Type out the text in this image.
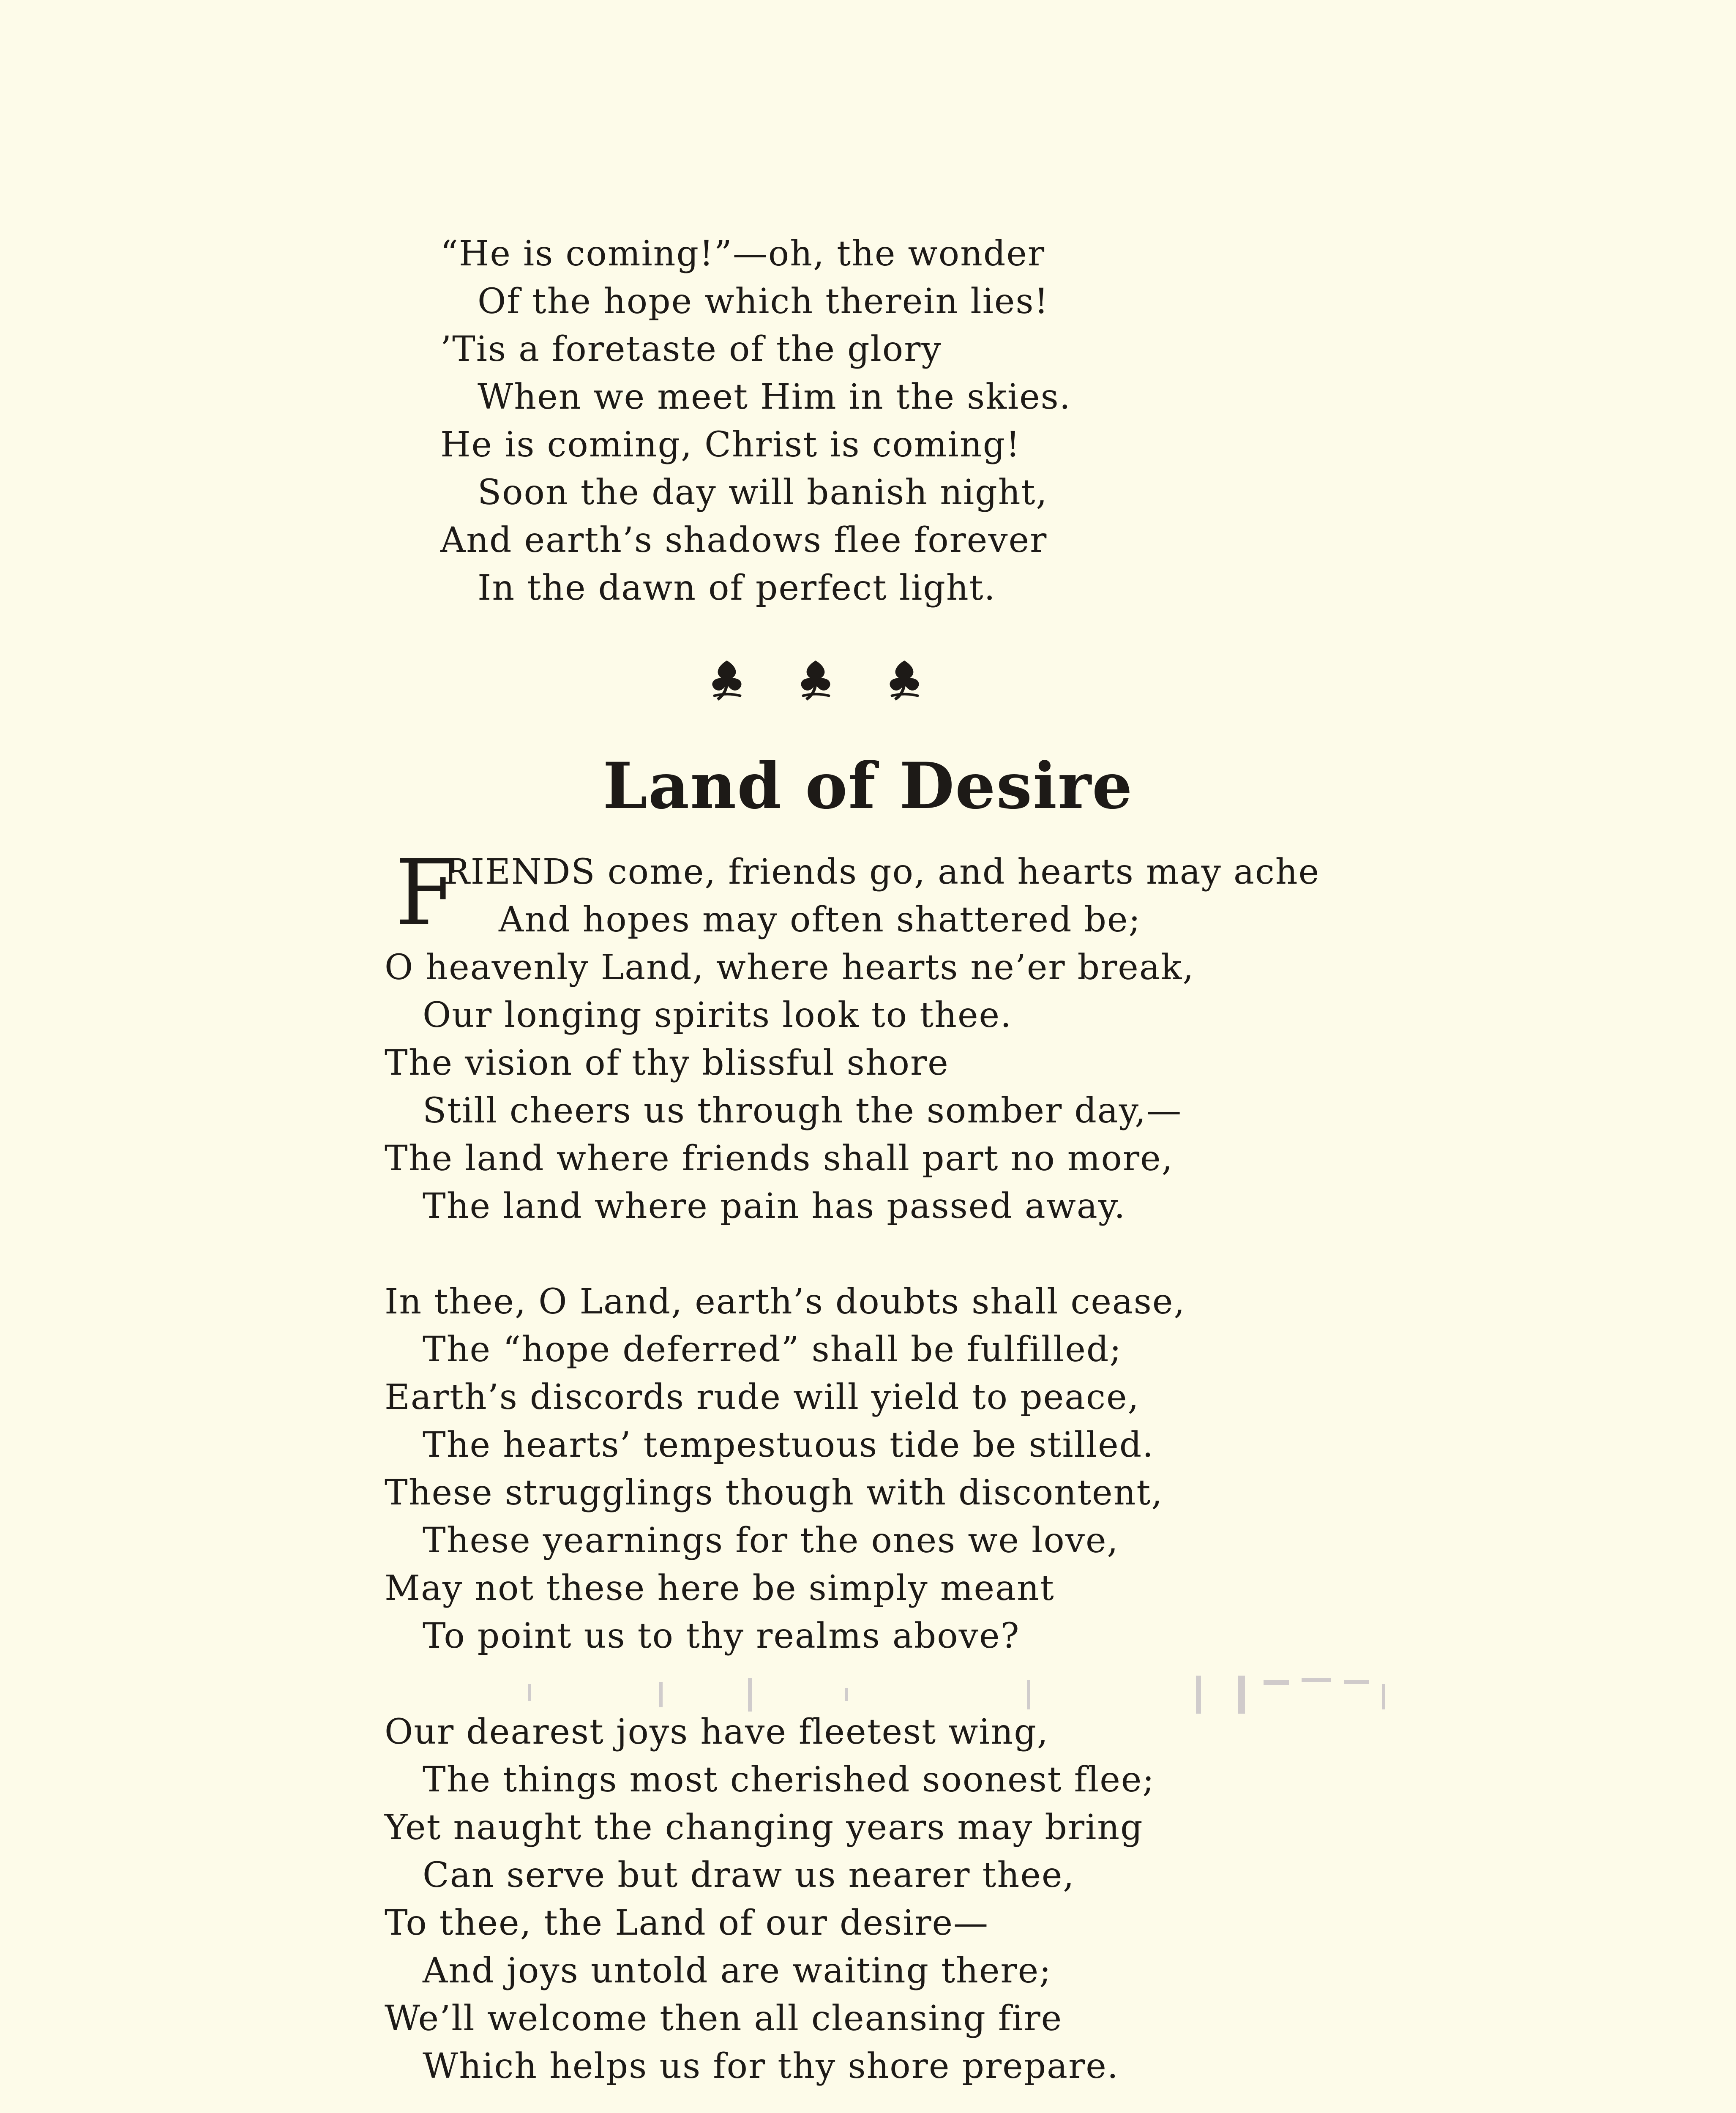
“He is coming!”—oh, the wonder
Of the hope which therein lies!
’Tis a foretaste of the glory
When we meet Him in the skies.
He is coming, Christ is coming!
Soon the day will banish night,
And earth’s shadows flee forever
In the dawn of perfect light.
Land of Desire
F
RIENDS come, friends go, and hearts may ache
And hopes may often shattered be;
O heavenly Land, where hearts ne’er break,
Our longing spirits look to thee.
The vision of thy blissful shore
Still cheers us through the somber day,—
The land where friends shall part no more,
The land where pain has passed away.
In thee, O Land, earth’s doubts shall cease,
The “hope deferred” shall be fulfilled;
Earth’s discords rude will yield to peace,
The hearts’ tempestuous tide be stilled.
These strugglings though with discontent,
These yearnings for the ones we love,
May not these here be simply meant
To point us to thy realms above?
Our dearest joys have fleetest wing,
The things most cherished soonest flee;
Yet naught the changing years may bring
Can serve but draw us nearer thee,
To thee, the Land of our desire—
And joys untold are waiting there;
We’ll welcome then all cleansing fire
Which helps us for thy shore prepare.
